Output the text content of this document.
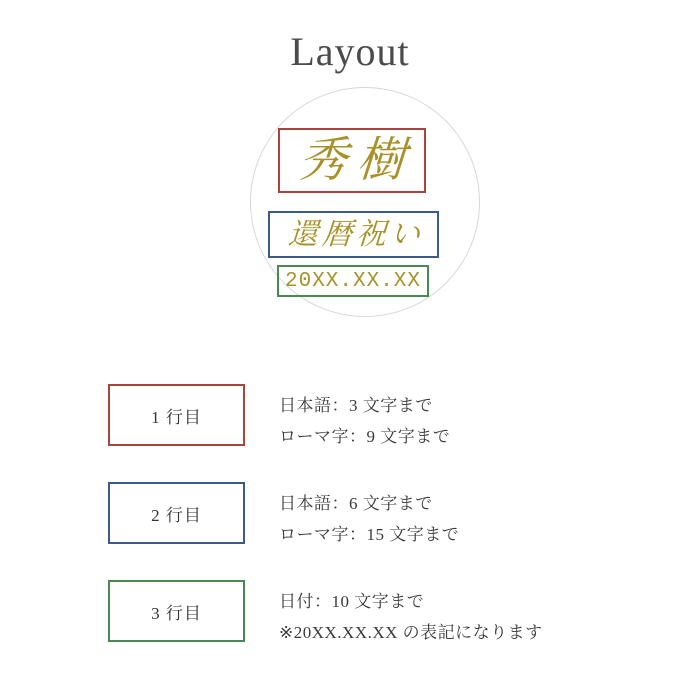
Layout
秀樹
還暦祝い
20XX.XX.XX
1 行目
日本語：3 文字まで
ローマ字：9 文字まで
2 行目
日本語：6 文字まで
ローマ字：15 文字まで
3 行目
日付：10 文字まで
※20XX.XX.XX の表記になります
